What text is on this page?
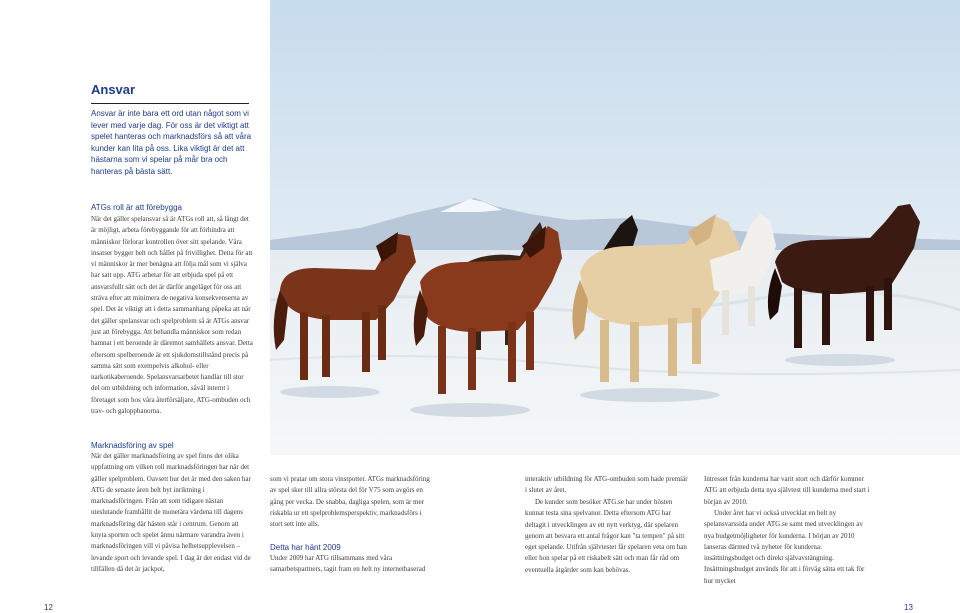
Ansvar

Ansvar är inte bara ett ord utan något som vi lever med varje dag. För oss är det viktigt att spelet hanteras och marknadsförs så att våra kunder kan lita på oss. Lika viktigt är det att hästarna som vi spelar på mår bra och hanteras på bästa sätt.

ATGs roll är att förebygga

När det gäller spelansvar så är ATGs roll att, så långt det är möjligt, arbeta förebyggande för att förhindra att människor förlorar kontrollen över sitt spelande. Våra insatser bygger helt och hållet på frivillighet. Detta för att vi människor är mer benägna att följa mål som vi själva har satt upp. ATG arbetar för att erbjuda spel på ett ansvarsfullt sätt och det är därför angeläget för oss att sträva efter att minimera de negativa konsekvenserna av spel. Det är viktigt att i detta sammanhang påpeka att när det gäller spelansvar och spelproblem så är ATGs ansvar just att förebygga. Att behandla människor som redan hamnat i ett beroende är däremot samhällets ansvar. Detta eftersom spelberoende är ett sjukdomstillstånd precis på samma sätt som exempelvis alkohol- eller narkotikaberoende. Spelansvarsarbetet handlar till stor del om utbildning och information, såväl internt i företaget som hos våra återförsäljare, ATG-ombuden och trav- och galoppbanorna.

Marknadsföring av spel

När det gäller marknadsföring av spel finns det olika uppfattning om vilken roll marknadsföringen har när det gäller spelproblem. Oavsett hur det är med den saken har ATG de senaste åren helt byt inriktning i marknadsföringen. Från att som tidigare nästan uteslutande framhållit de monetära värdena till dagens marknadsföring där hästen står i centrum. Genom att knyta sporten och spelet ännu närmare varandra även i marknadsföringen vill vi påvisa helhetsupplevelsen – levande sport och levande spel. I dag är det endast vid de tillfällen då det är jackpot,

som vi pratar om stora vinstpotter. ATGs marknadsföring av spel sker till allra största del för V75 som avgörs en gång per vecka. De snabba, dagliga spelen, som är mer riskabla ur ett spelproblemsperspektiv, marknadsförs i stort sett inte alls.

Detta har hänt 2009

Under 2009 har ATG tillsammans med våra samarbetspartners, tagit fram en helt ny internetbaserad

interaktiv utbildning för ATG-ombuden som hade premiär i slutet av året.

De kunder som besöker ATG.se har under hösten kunnat testa sina spelvanor. Detta eftersom ATG har deltagit i utvecklingen av ett nytt verktyg, där spelaren genom att besvara ett antal frågor kan "ta tempen" på sitt eget spelande. Utifrån självtestet får spelaren veta om han eller hon spelar på ett riskabelt sätt och man får råd om eventuella åtgärder som kan behövas.

Intresset från kunderna har varit stort och därför kommer ATG att erbjuda detta nya självtest till kunderna med start i början av 2010.

Under året har vi också utvecklat en helt ny spelansvarssida under ATG.se samt med utvecklingen av nya budgetmöjligheter för kunderna. I början av 2010 lanseras därmed två nyheter för kunderna: insättningsbudget och direkt självavstängning. Insättningsbudget används för att i förväg sätta ett tak för hur mycket

12	13
